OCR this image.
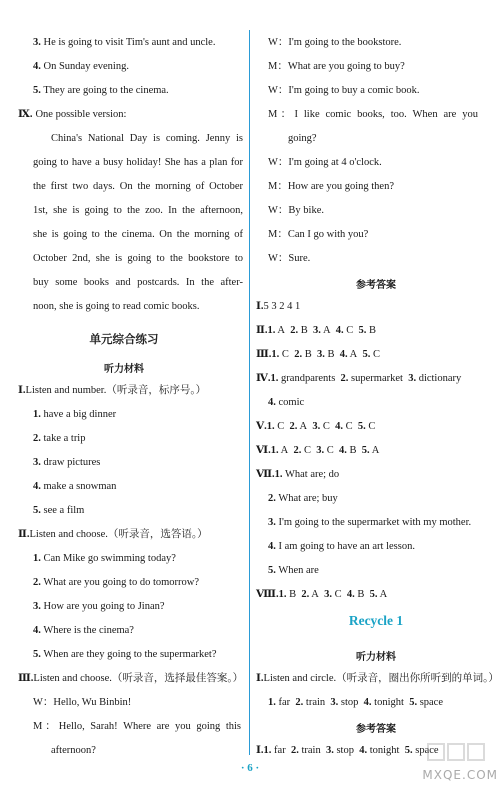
3. He is going to visit Tim's aunt and uncle.
4. On Sunday evening.
5. They are going to the cinema.
Ⅸ. One possible version:
China's National Day is coming. Jenny is
going to have a busy holiday! She has a plan for
the first two days. On the morning of October
1st, she is going to the zoo. In the afternoon,
she is going to the cinema. On the morning of
October 2nd, she is going to the bookstore to
buy some books and postcards. In the after-
noon, she is going to read comic books.
单元综合练习
听力材料
Ⅰ.Listen and number.（听录音，标序号。）
1. have a big dinner
2. take a trip
3. draw pictures
4. make a snowman
5. see a film
Ⅱ.Listen and choose.（听录音，选答语。）
1. Can Mike go swimming today?
2. What are you going to do tomorrow?
3. How are you going to Jinan?
4. Where is the cinema?
5. When are they going to the supermarket?
Ⅲ.Listen and choose.（听录音，选择最佳答案。）
W：Hello, Wu Binbin!
M：Hello, Sarah! Where are you going this
afternoon?
W：I'm going to the bookstore.
M：What are you going to buy?
W：I'm going to buy a comic book.
M：I like comic books, too. When are you
going?
W：I'm going at 4 o'clock.
M：How are you going then?
W：By bike.
M：Can I go with you?
W：Sure.
参考答案
Ⅰ.5 3 2 4 1
Ⅱ.1. A 2. B 3. A 4. C 5. B
Ⅲ.1. C 2. B 3. B 4. A 5. C
Ⅳ.1. grandparents 2. supermarket 3. dictionary
4. comic
Ⅴ.1. C 2. A 3. C 4. C 5. C
Ⅵ.1. A 2. C 3. C 4. B 5. A
Ⅶ.1. What are; do
2. What are; buy
3. I'm going to the supermarket with my mother.
4. I am going to have an art lesson.
5. When are
Ⅷ.1. B 2. A 3. C 4. B 5. A
Recycle 1
听力材料
Ⅰ.Listen and circle.（听录音，圈出你所听到的单词。）
1. far 2. train 3. stop 4. tonight 5. space
参考答案
Ⅰ.1. far 2. train 3. stop 4. tonight 5. space
· 6 ·	MXQE.COM
